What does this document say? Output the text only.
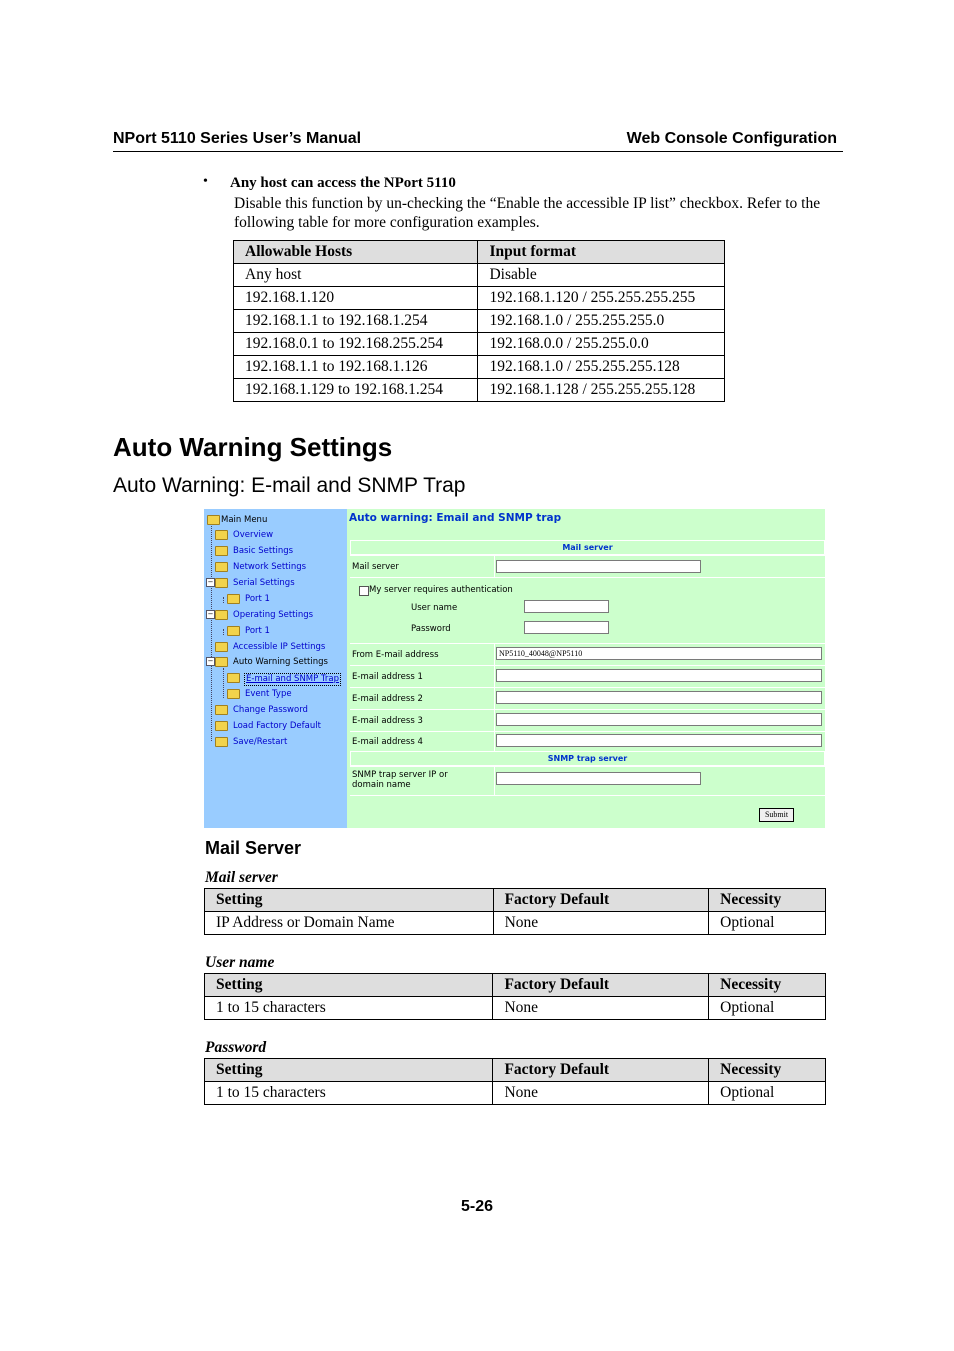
NPort 5110 Series User’s Manual	Web Console Configuration
• Any host can access the NPort 5110
Disable this function by un-checking the “Enable the accessible IP list” checkbox. Refer to the following table for more configuration examples.
Allowable Hosts	Input format
Any host	Disable
192.168.1.120	192.168.1.120 / 255.255.255.255
192.168.1.1 to 192.168.1.254	192.168.1.0 / 255.255.255.0
192.168.0.1 to 192.168.255.254	192.168.0.0 / 255.255.0.0
192.168.1.1 to 192.168.1.126	192.168.1.0 / 255.255.255.128
192.168.1.129 to 192.168.1.254	192.168.1.128 / 255.255.255.128
Auto Warning Settings
Auto Warning: E-mail and SNMP Trap
Main Menu
Overview
Basic Settings
Network Settings
− Serial Settings
Port 1
− Operating Settings
Port 1
Accessible IP Settings
− Auto Warning Settings
E-mail and SNMP Trap
Event Type
Change Password
Load Factory Default
Save/Restart
Auto warning: Email and SNMP trap
Mail server
Mail server
My server requires authentication
User name
Password
From E-mail address	NP5110_40048@NP5110
E-mail address 1
E-mail address 2
E-mail address 3
E-mail address 4
SNMP trap server
SNMP trap server IP or
domain name
Submit
Mail Server
Mail server
Setting	Factory Default	Necessity
IP Address or Domain Name	None	Optional
User name
Setting	Factory Default	Necessity
1 to 15 characters	None	Optional
Password
Setting	Factory Default	Necessity
1 to 15 characters	None	Optional
5-26
